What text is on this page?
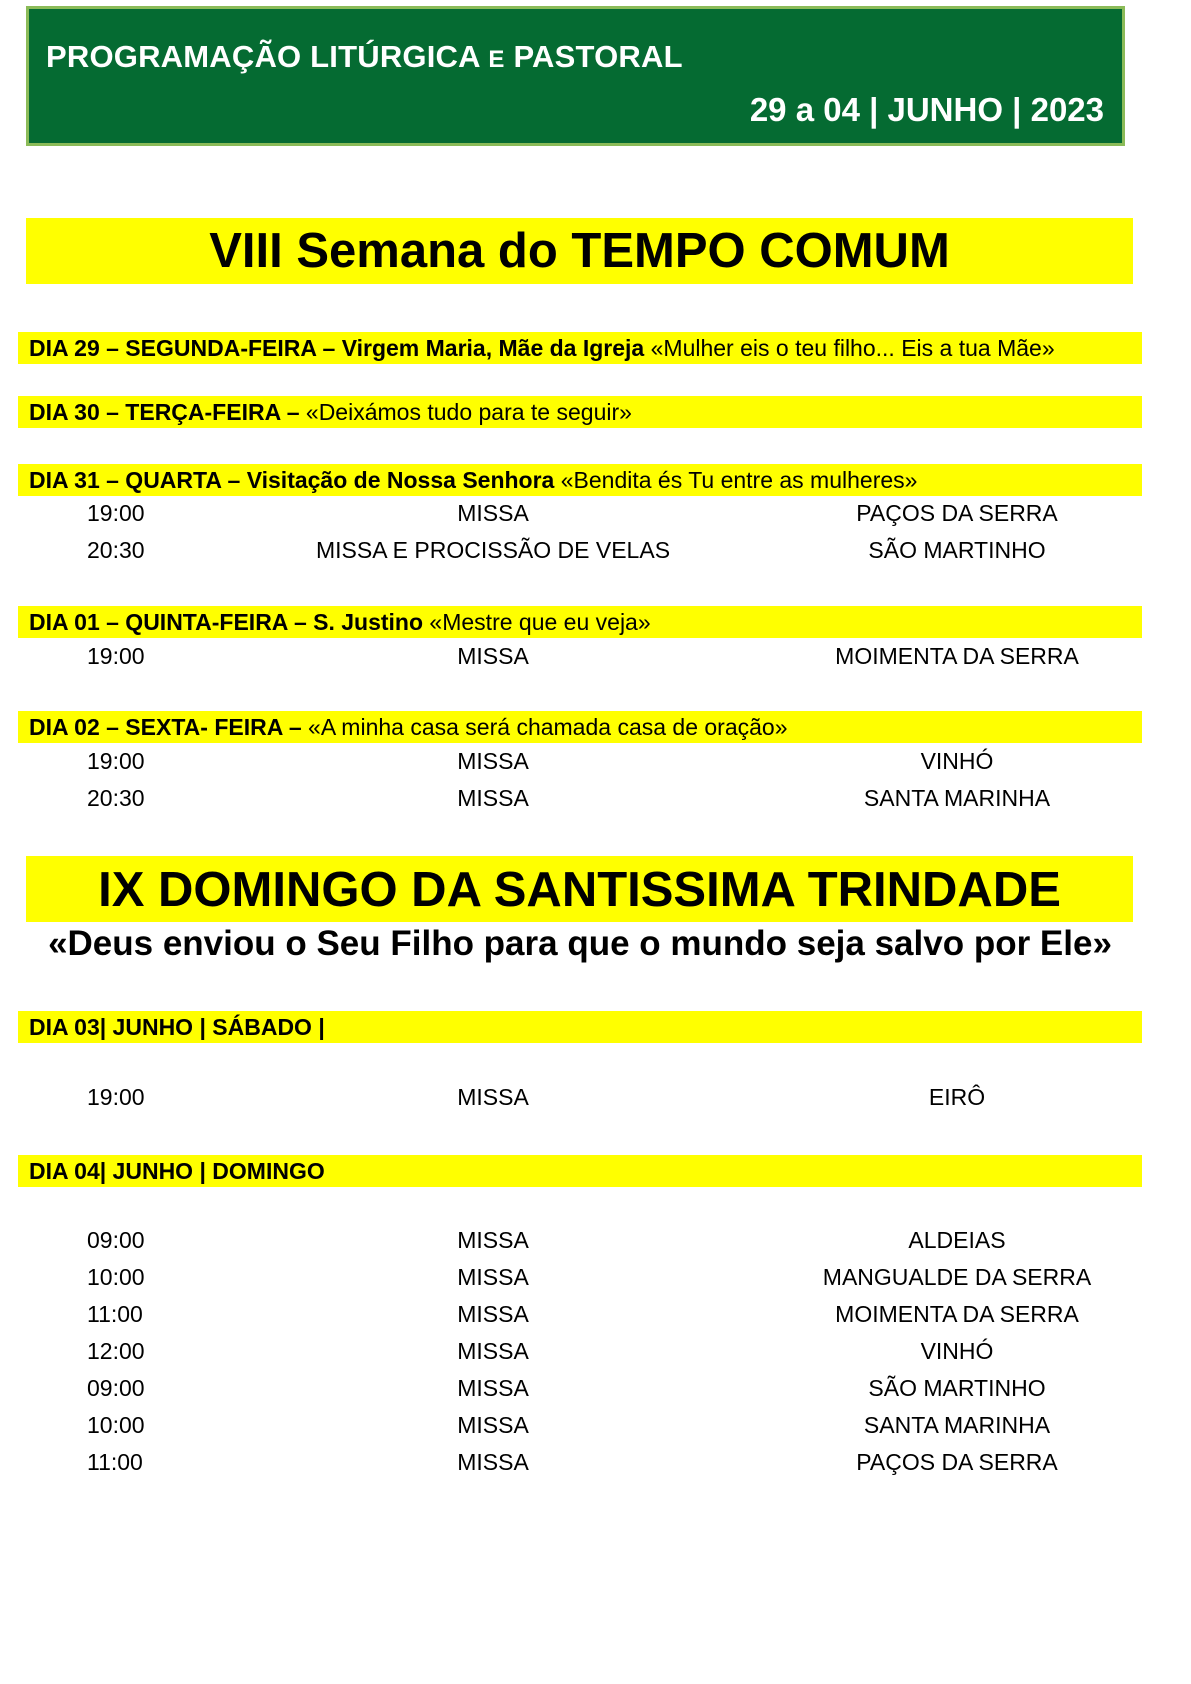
PROGRAMAÇÃO LITÚRGICA E PASTORAL
29 a 04 | JUNHO | 2023
VIII Semana do TEMPO COMUM
DIA 29 – SEGUNDA-FEIRA – Virgem Maria, Mãe da Igreja «Mulher eis o teu filho... Eis a tua Mãe»
DIA 30 – TERÇA-FEIRA – «Deixámos tudo para te seguir»
DIA 31 – QUARTA – Visitação de Nossa Senhora «Bendita és Tu entre as mulheres»
19:00	MISSA	PAÇOS DA SERRA
20:30	MISSA E PROCISSÃO DE VELAS	SÃO MARTINHO
DIA 01 – QUINTA-FEIRA – S. Justino «Mestre que eu veja»
19:00	MISSA	MOIMENTA DA SERRA
DIA 02 – SEXTA- FEIRA – «A minha casa será chamada casa de oração»
19:00	MISSA	VINHÓ
20:30	MISSA	SANTA MARINHA
IX DOMINGO DA SANTISSIMA TRINDADE
«Deus enviou o Seu Filho para que o mundo seja salvo por Ele»
DIA 03| JUNHO | SÁBADO |
19:00	MISSA	EIRÔ
DIA 04| JUNHO | DOMINGO
09:00	MISSA	ALDEIAS
10:00	MISSA	MANGUALDE DA SERRA
11:00	MISSA	MOIMENTA DA SERRA
12:00	MISSA	VINHÓ
09:00	MISSA	SÃO MARTINHO
10:00	MISSA	SANTA MARINHA
11:00	MISSA	PAÇOS DA SERRA
